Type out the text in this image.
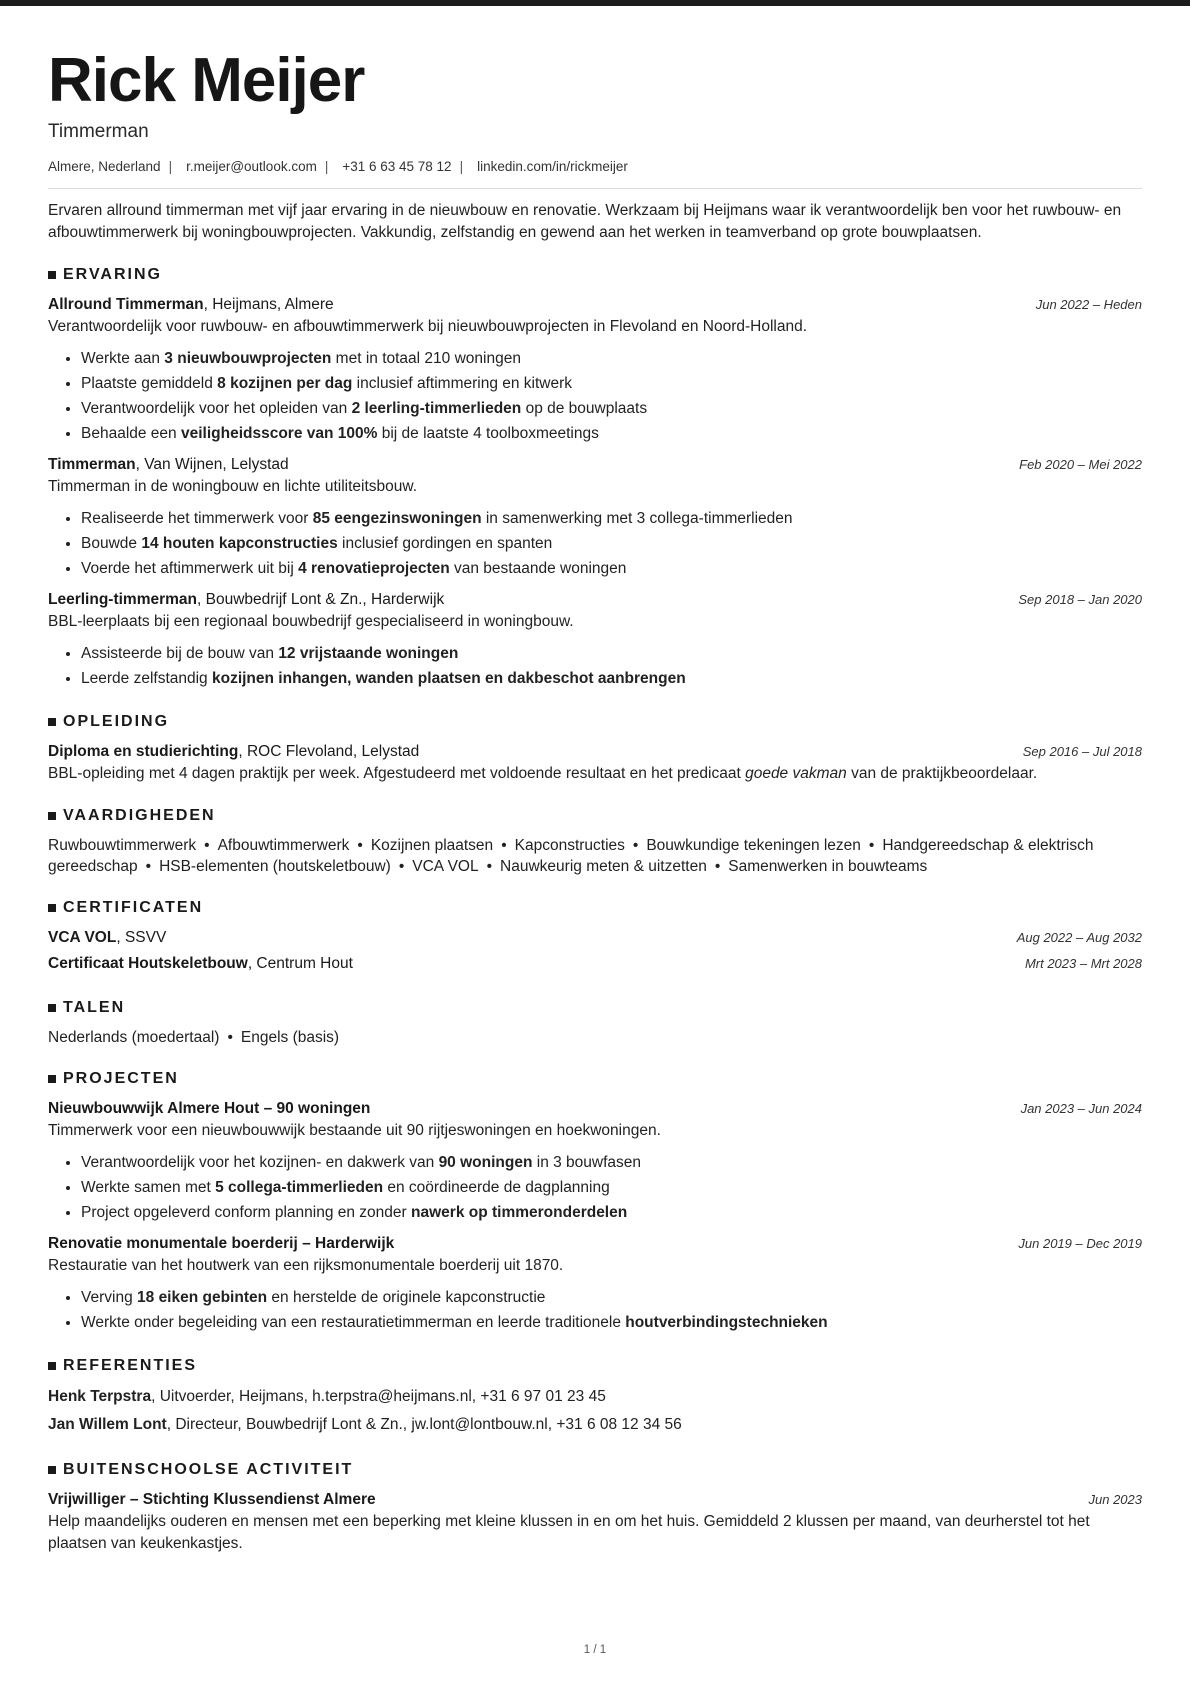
Rick Meijer
Timmerman
Almere, Nederland | r.meijer@outlook.com | +31 6 63 45 78 12 | linkedin.com/in/rickmeijer
Ervaren allround timmerman met vijf jaar ervaring in de nieuwbouw en renovatie. Werkzaam bij Heijmans waar ik verantwoordelijk ben voor het ruwbouw- en afbouwtimmerwerk bij woningbouwprojecten. Vakkundig, zelfstandig en gewend aan het werken in teamverband op grote bouwplaatsen.
ERVARING
Allround Timmerman, Heijmans, Almere	Jun 2022 – Heden
Verantwoordelijk voor ruwbouw- en afbouwtimmerwerk bij nieuwbouwprojecten in Flevoland en Noord-Holland.
• Werkte aan 3 nieuwbouwprojecten met in totaal 210 woningen
• Plaatste gemiddeld 8 kozijnen per dag inclusief aftimmering en kitwerk
• Verantwoordelijk voor het opleiden van 2 leerling-timmerlieden op de bouwplaats
• Behaalde een veiligheidsscore van 100% bij de laatste 4 toolboxmeetings
Timmerman, Van Wijnen, Lelystad	Feb 2020 – Mei 2022
Timmerman in de woningbouw en lichte utiliteitsbouw.
• Realiseerde het timmerwerk voor 85 eengezinswoningen in samenwerking met 3 collega-timmerlieden
• Bouwde 14 houten kapconstructies inclusief gordingen en spanten
• Voerde het aftimmerwerk uit bij 4 renovatieprojecten van bestaande woningen
Leerling-timmerman, Bouwbedrijf Lont & Zn., Harderwijk	Sep 2018 – Jan 2020
BBL-leerplaats bij een regionaal bouwbedrijf gespecialiseerd in woningbouw.
• Assisteerde bij de bouw van 12 vrijstaande woningen
• Leerde zelfstandig kozijnen inhangen, wanden plaatsen en dakbeschot aanbrengen
OPLEIDING
Diploma en studierichting, ROC Flevoland, Lelystad	Sep 2016 – Jul 2018
BBL-opleiding met 4 dagen praktijk per week. Afgestudeerd met voldoende resultaat en het predicaat goede vakman van de praktijkbeoordelaar.
VAARDIGHEDEN
Ruwbouwtimmerwerk • Afbouwtimmerwerk • Kozijnen plaatsen • Kapconstructies • Bouwkundige tekeningen lezen • Handgereedschap & elektrisch gereedschap • HSB-elementen (houtskeletbouw) • VCA VOL • Nauwkeurig meten & uitzetten • Samenwerken in bouwteams
CERTIFICATEN
VCA VOL, SSVV	Aug 2022 – Aug 2032
Certificaat Houtskeletbouw, Centrum Hout	Mrt 2023 – Mrt 2028
TALEN
Nederlands (moedertaal) • Engels (basis)
PROJECTEN
Nieuwbouwwijk Almere Hout – 90 woningen	Jan 2023 – Jun 2024
Timmerwerk voor een nieuwbouwwijk bestaande uit 90 rijtjeswoningen en hoekwoningen.
• Verantwoordelijk voor het kozijnen- en dakwerk van 90 woningen in 3 bouwfasen
• Werkte samen met 5 collega-timmerlieden en coördineerde de dagplanning
• Project opgeleverd conform planning en zonder nawerk op timmeronderdelen
Renovatie monumentale boerderij – Harderwijk	Jun 2019 – Dec 2019
Restauratie van het houtwerk van een rijksmonumentale boerderij uit 1870.
• Verving 18 eiken gebinten en herstelde de originele kapconstructie
• Werkte onder begeleiding van een restauratietimmerman en leerde traditionele houtverbindingstechnieken
REFERENTIES
Henk Terpstra, Uitvoerder, Heijmans, h.terpstra@heijmans.nl, +31 6 97 01 23 45
Jan Willem Lont, Directeur, Bouwbedrijf Lont & Zn., jw.lont@lontbouw.nl, +31 6 08 12 34 56
BUITENSCHOOLSE ACTIVITEIT
Vrijwilliger – Stichting Klussendienst Almere	Jun 2023
Help maandelijks ouderen en mensen met een beperking met kleine klussen in en om het huis. Gemiddeld 2 klussen per maand, van deurherstel tot het plaatsen van keukenkastjes.
1 / 1
